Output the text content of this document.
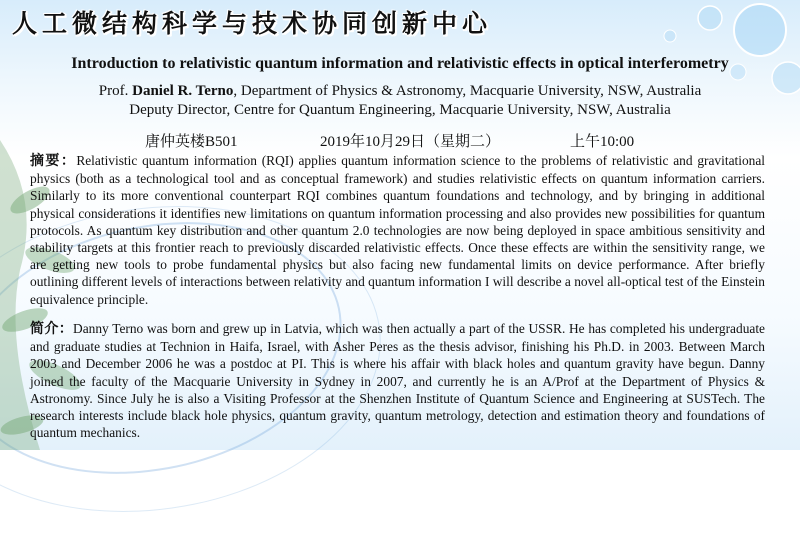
人工微结构科学与技术协同创新中心
Introduction to relativistic quantum information and relativistic effects in optical interferometry
Prof. Daniel R. Terno, Department of Physics & Astronomy, Macquarie University, NSW, Australia
Deputy Director, Centre for Quantum Engineering, Macquarie University, NSW, Australia
唐仲英楼B501	2019年10月29日（星期二）	上午10:00
摘要：Relativistic quantum information (RQI) applies quantum information science to the problems of relativistic and gravitational physics (both as a technological tool and as conceptual framework) and studies relativistic effects on quantum information carriers. Similarly to its more conventional counterpart RQI combines quantum foundations and technology, and by bringing in additional physical considerations it identifies new limitations on quantum information processing and also provides new possibilities for quantum protocols. As quantum key distribution and other quantum 2.0 technologies are now being deployed in space ambitious sensitivity and stability targets at this frontier reach to previously discarded relativistic effects. Once these effects are within the sensitivity range, we are getting new tools to probe fundamental physics but also facing new fundamental limits on device performance. After briefly outlining different levels of interactions between relativity and quantum information I will describe a novel all-optical test of the Einstein equivalence principle.
简介：Danny Terno was born and grew up in Latvia, which was then actually a part of the USSR. He has completed his undergraduate and graduate studies at Technion in Haifa, Israel, with Asher Peres as the thesis advisor, finishing his Ph.D. in 2003. Between March 2003 and December 2006 he was a postdoc at PI. This is where his affair with black holes and quantum gravity have begun. Danny joined the faculty of the Macquarie University in Sydney in 2007, and currently he is an A/Prof at the Department of Physics & Astronomy. Since July he is also a Visiting Professor at the Shenzhen Institute of Quantum Science and Engineering at SUSTech. The research interests include black hole physics, quantum gravity, quantum metrology, detection and estimation theory and foundations of quantum mechanics.
